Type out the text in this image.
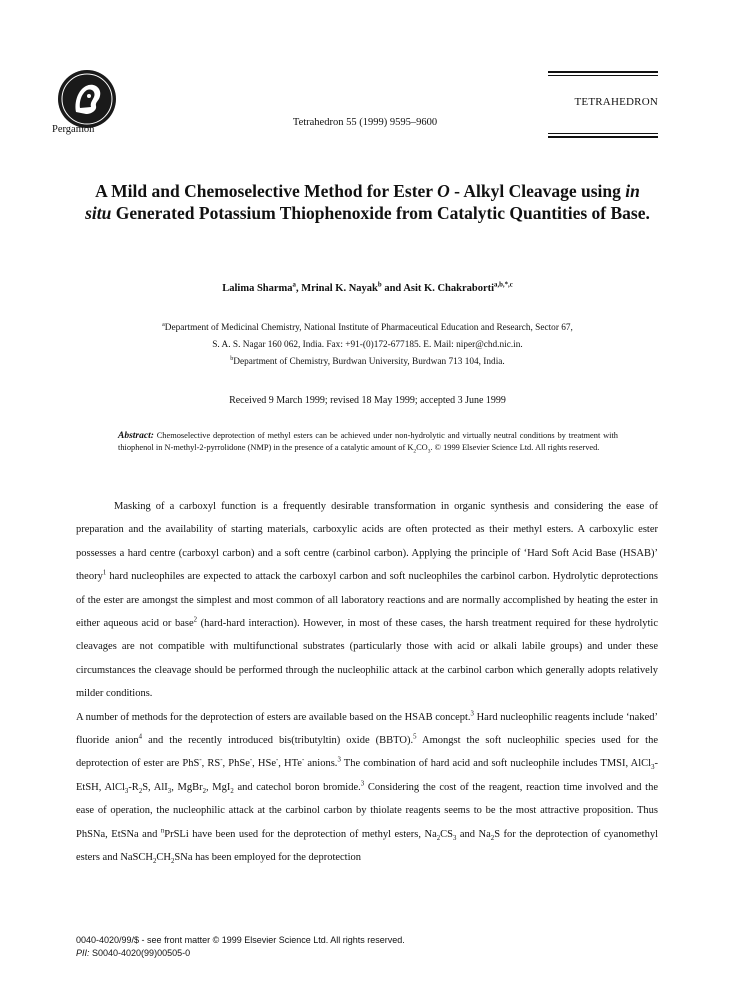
Pergamon
Tetrahedron 55 (1999) 9595–9600
TETRAHEDRON
A Mild and Chemoselective Method for Ester O - Alkyl Cleavage using in situ Generated Potassium Thiophenoxide from Catalytic Quantities of Base.
Lalima Sharma$^a$, Mrinal K. Nayak$^b$ and Asit K. Chakraborti$^{a,b,*,c}$
$^a$Department of Medicinal Chemistry, National Institute of Pharmaceutical Education and Research, Sector 67,
S. A. S. Nagar 160 062, India. Fax: +91-(0)172-677185. E. Mail: niper@chd.nic.in.
$^b$Department of Chemistry, Burdwan University, Burdwan 713 104, India.
Received 9 March 1999; revised 18 May 1999; accepted 3 June 1999
Abstract: Chemoselective deprotection of methyl esters can be achieved under non-hydrolytic and virtually neutral conditions by treatment with thiophenol in N-methyl-2-pyrrolidone (NMP) in the presence of a catalytic amount of $K_2CO_3$. © 1999 Elsevier Science Ltd. All rights reserved.

Masking of a carboxyl function is a frequently desirable transformation in organic synthesis and considering the ease of preparation and the availability of starting materials, carboxylic acids are often protected as their methyl esters. A carboxylic ester possesses a hard centre (carboxyl carbon) and a soft centre (carbinol carbon). Applying the principle of ‘Hard Soft Acid Base (HSAB)’ theory$^1$ hard nucleophiles are expected to attack the carboxyl carbon and soft nucleophiles the carbinol carbon. Hydrolytic deprotections of the ester are amongst the simplest and most common of all laboratory reactions and are normally accomplished by heating the ester in either aqueous acid or base$^2$ (hard-hard interaction). However, in most of these cases, the harsh treatment required for these hydrolytic cleavages are not compatible with multifunctional substrates (particularly those with acid or alkali labile groups) and under these circumstances the cleavage should be performed through the nucleophilic attack at the carbinol carbon which generally adopts relatively milder conditions.

A number of methods for the deprotection of esters are available based on the HSAB concept.$^3$ Hard nucleophilic reagents include ‘naked’ fluoride anion$^4$ and the recently introduced bis(tributyltin) oxide (BBTO).$^5$ Amongst the soft nucleophilic species used for the deprotection of ester are PhS-, RS-, PhSe-, HSe-, HTe- anions.$^3$ The combination of hard acid and soft nucleophile includes TMSI, AlCl$_3$-EtSH, $AlCl_3-R_2S$, AlI$_3$, MgBr$_2$, MgI$_2$ and catechol boron bromide.$^3$ Considering the cost of the reagent, reaction time involved and the ease of operation, the nucleophilic attack at the carbinol carbon by thiolate reagents seems to be the most attractive proposition. Thus PhSNa, EtSNa and $^n$PrSLi have been used for the deprotection of methyl esters, $Na_2CS_3$ and $Na_2S$ for the deprotection of cyanomethyl esters and $NaSCH_2CH_2SNa$ has been employed for the deprotection

0040-4020/99/$ - see front matter © 1999 Elsevier Science Ltd. All rights reserved.
PII: S0040-4020(99)00505-0
